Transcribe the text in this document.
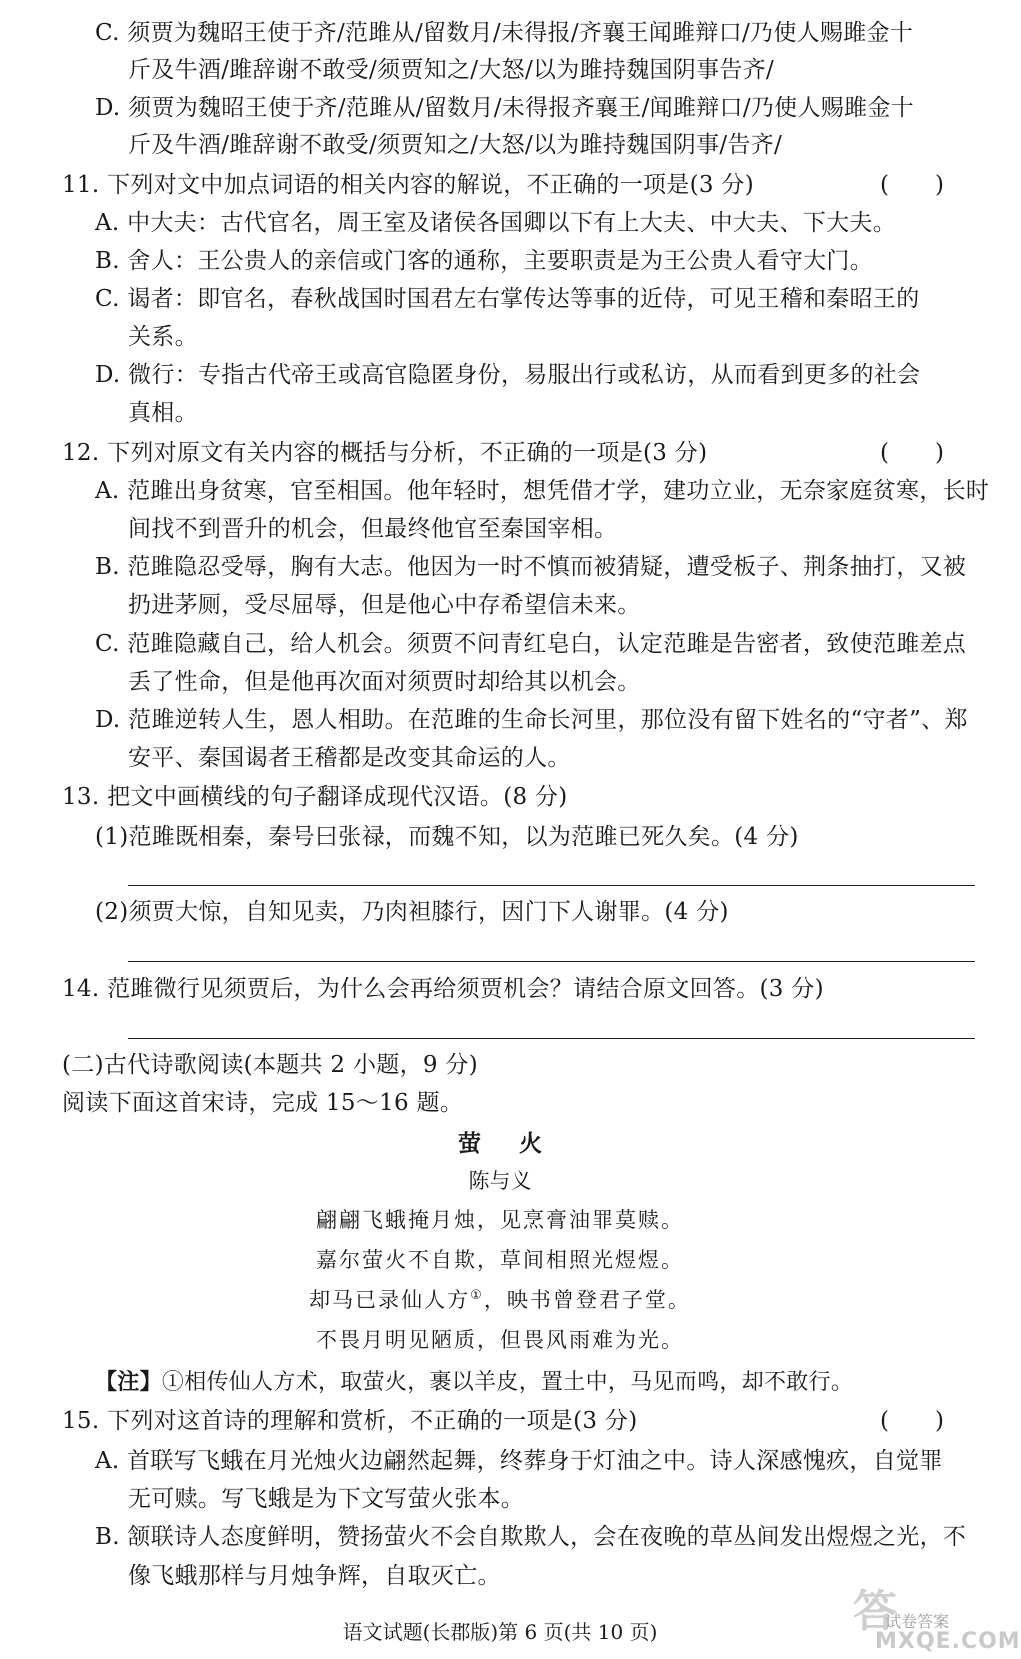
C. 须贾为魏昭王使于齐/范雎从/留数月/未得报/齐襄王闻雎辩口/乃使人赐雎金十
斤及牛酒/雎辞谢不敢受/须贾知之/大怒/以为雎持魏国阴事告齐/
D. 须贾为魏昭王使于齐/范雎从/留数月/未得报齐襄王/闻雎辩口/乃使人赐雎金十
斤及牛酒/雎辞谢不敢受/须贾知之/大怒/以为雎持魏国阴事/告齐/
11. 下列对文中加点词语的相关内容的解说，不正确的一项是(3 分)	(　　)
A. 中大夫：古代官名，周王室及诸侯各国卿以下有上大夫、中大夫、下大夫。
B. 舍人：王公贵人的亲信或门客的通称，主要职责是为王公贵人看守大门。
C. 谒者：即官名，春秋战国时国君左右掌传达等事的近侍，可见王稽和秦昭王的
关系。
D. 微行：专指古代帝王或高官隐匿身份，易服出行或私访，从而看到更多的社会
真相。
12. 下列对原文有关内容的概括与分析，不正确的一项是(3 分)	(　　)
A. 范雎出身贫寒，官至相国。他年轻时，想凭借才学，建功立业，无奈家庭贫寒，长时
间找不到晋升的机会，但最终他官至秦国宰相。
B. 范雎隐忍受辱，胸有大志。他因为一时不慎而被猜疑，遭受板子、荆条抽打，又被
扔进茅厕，受尽屈辱，但是他心中存希望信未来。
C. 范雎隐藏自己，给人机会。须贾不问青红皂白，认定范雎是告密者，致使范雎差点
丢了性命，但是他再次面对须贾时却给其以机会。
D. 范雎逆转人生，恩人相助。在范雎的生命长河里，那位没有留下姓名的“守者”、郑
安平、秦国谒者王稽都是改变其命运的人。
13. 把文中画横线的句子翻译成现代汉语。(8 分)
(1)范雎既相秦，秦号曰张禄，而魏不知，以为范雎已死久矣。(4 分)
(2)须贾大惊，自知见卖，乃肉袒膝行，因门下人谢罪。(4 分)
14. 范雎微行见须贾后，为什么会再给须贾机会？请结合原文回答。(3 分)
(二)古代诗歌阅读(本题共 2 小题，9 分)
阅读下面这首宋诗，完成 15～16 题。
萤火
陈与义
翩翩飞蛾掩月烛，见烹膏油罪莫赎。
嘉尔萤火不自欺，草间相照光煜煜。
却马已录仙人方①，映书曾登君子堂。
不畏月明见陋质，但畏风雨难为光。
【注】①相传仙人方术，取萤火，裹以羊皮，置土中，马见而鸣，却不敢行。
15. 下列对这首诗的理解和赏析，不正确的一项是(3 分)	(　　)
A. 首联写飞蛾在月光烛火边翩然起舞，终葬身于灯油之中。诗人深感愧疚，自觉罪
无可赎。写飞蛾是为下文写萤火张本。
B. 颔联诗人态度鲜明，赞扬萤火不会自欺欺人，会在夜晚的草丛间发出煜煜之光，不
像飞蛾那样与月烛争辉，自取灭亡。
语文试题(长郡版)第 6 页(共 10 页)	答
试卷答案
MXQE.COM
